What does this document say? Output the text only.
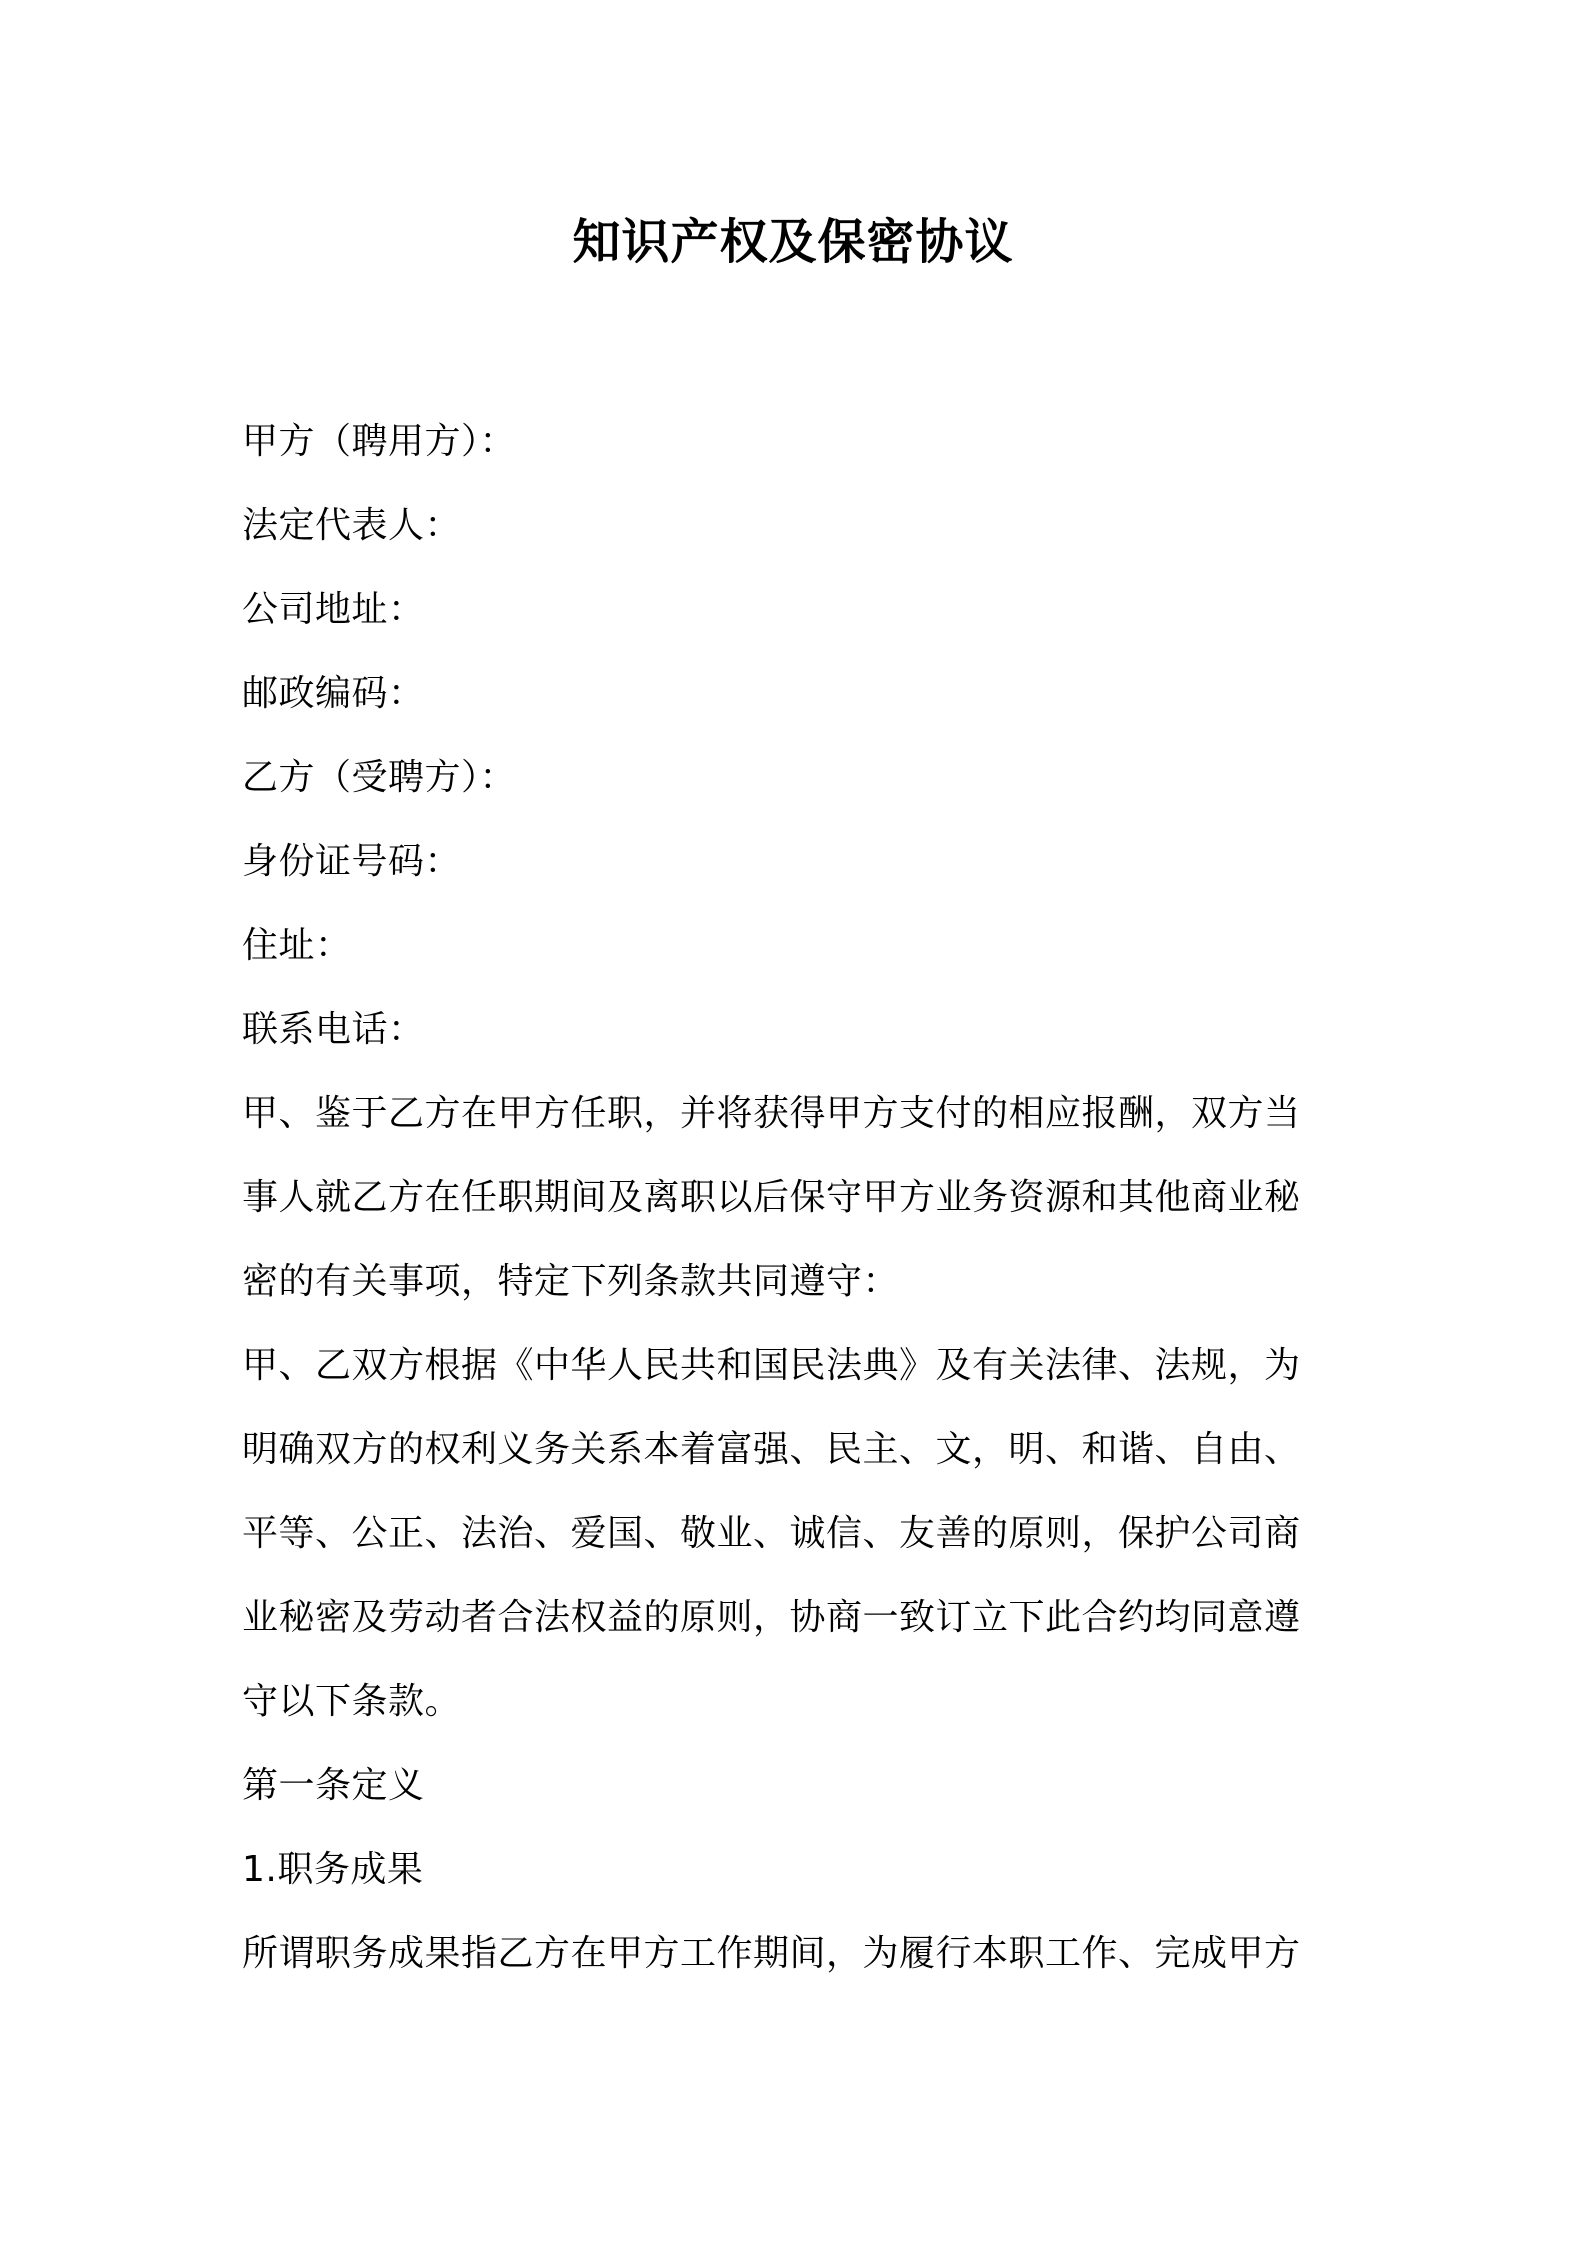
知识产权及保密协议

甲方（聘用方）：

法定代表人：

公司地址：

邮政编码：

乙方（受聘方）：

身份证号码：

住址：

联系电话：

甲、鉴于乙方在甲方任职，并将获得甲方支付的相应报酬，双方当

事人就乙方在任职期间及离职以后保守甲方业务资源和其他商业秘

密的有关事项，特定下列条款共同遵守：

甲、乙双方根据《中华人民共和国民法典》及有关法律、法规，为

明确双方的权利义务关系本着富强、民主、文，明、和谐、自由、

平等、公正、法治、爱国、敬业、诚信、友善的原则，保护公司商

业秘密及劳动者合法权益的原则，协商一致订立下此合约均同意遵

守以下条款。

第一条定义

1.职务成果

所谓职务成果指乙方在甲方工作期间，为履行本职工作、完成甲方
